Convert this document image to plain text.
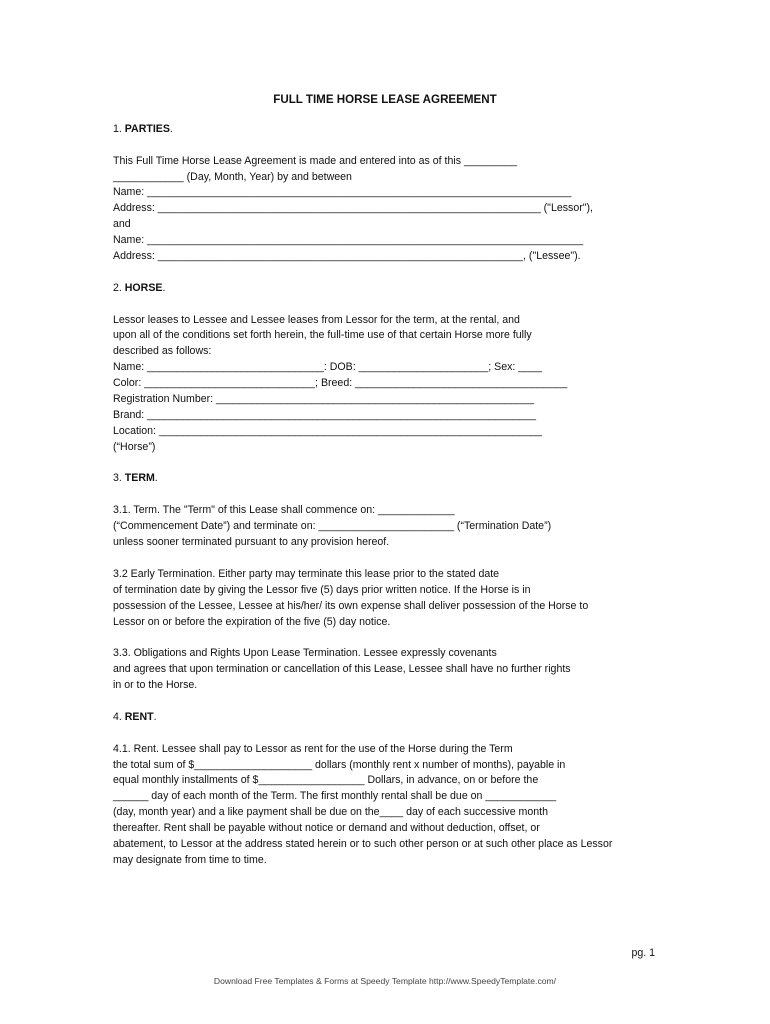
FULL TIME HORSE LEASE AGREEMENT
1. PARTIES.
This Full Time Horse Lease Agreement is made and entered into as of this _________
____________ (Day, Month, Year) by and between
Name: ________________________________________________________________________
Address: _________________________________________________________________ ("Lessor"),
and
Name: __________________________________________________________________________
Address: ______________________________________________________________, ("Lessee").
2. HORSE.
Lessor leases to Lessee and Lessee leases from Lessor for the term, at the rental, and
upon all of the conditions set forth herein, the full-time use of that certain Horse more fully
described as follows:
Name: ______________________________: DOB: ______________________; Sex: ____
Color: _____________________________; Breed: ____________________________________
Registration Number: ______________________________________________________
Brand: __________________________________________________________________
Location: _________________________________________________________________
(“Horse”)
3. TERM.
3.1. Term. The "Term" of this Lease shall commence on: _____________
(“Commencement Date”) and terminate on: _______________________ (“Termination Date”)
unless sooner terminated pursuant to any provision hereof.
3.2 Early Termination. Either party may terminate this lease prior to the stated date
of termination date by giving the Lessor five (5) days prior written notice. If the Horse is in
possession of the Lessee, Lessee at his/her/ its own expense shall deliver possession of the Horse to
Lessor on or before the expiration of the five (5) day notice.
3.3. Obligations and Rights Upon Lease Termination. Lessee expressly covenants
and agrees that upon termination or cancellation of this Lease, Lessee shall have no further rights
in or to the Horse.
4. RENT.
4.1. Rent. Lessee shall pay to Lessor as rent for the use of the Horse during the Term
the total sum of $____________________ dollars (monthly rent x number of months), payable in
equal monthly installments of $__________________ Dollars, in advance, on or before the
______ day of each month of the Term. The first monthly rental shall be due on ____________
(day, month year) and a like payment shall be due on the____ day of each successive month
thereafter. Rent shall be payable without notice or demand and without deduction, offset, or
abatement, to Lessor at the address stated herein or to such other person or at such other place as Lessor
may designate from time to time.
pg. 1
Download Free Templates & Forms at Speedy Template http://www.SpeedyTemplate.com/
